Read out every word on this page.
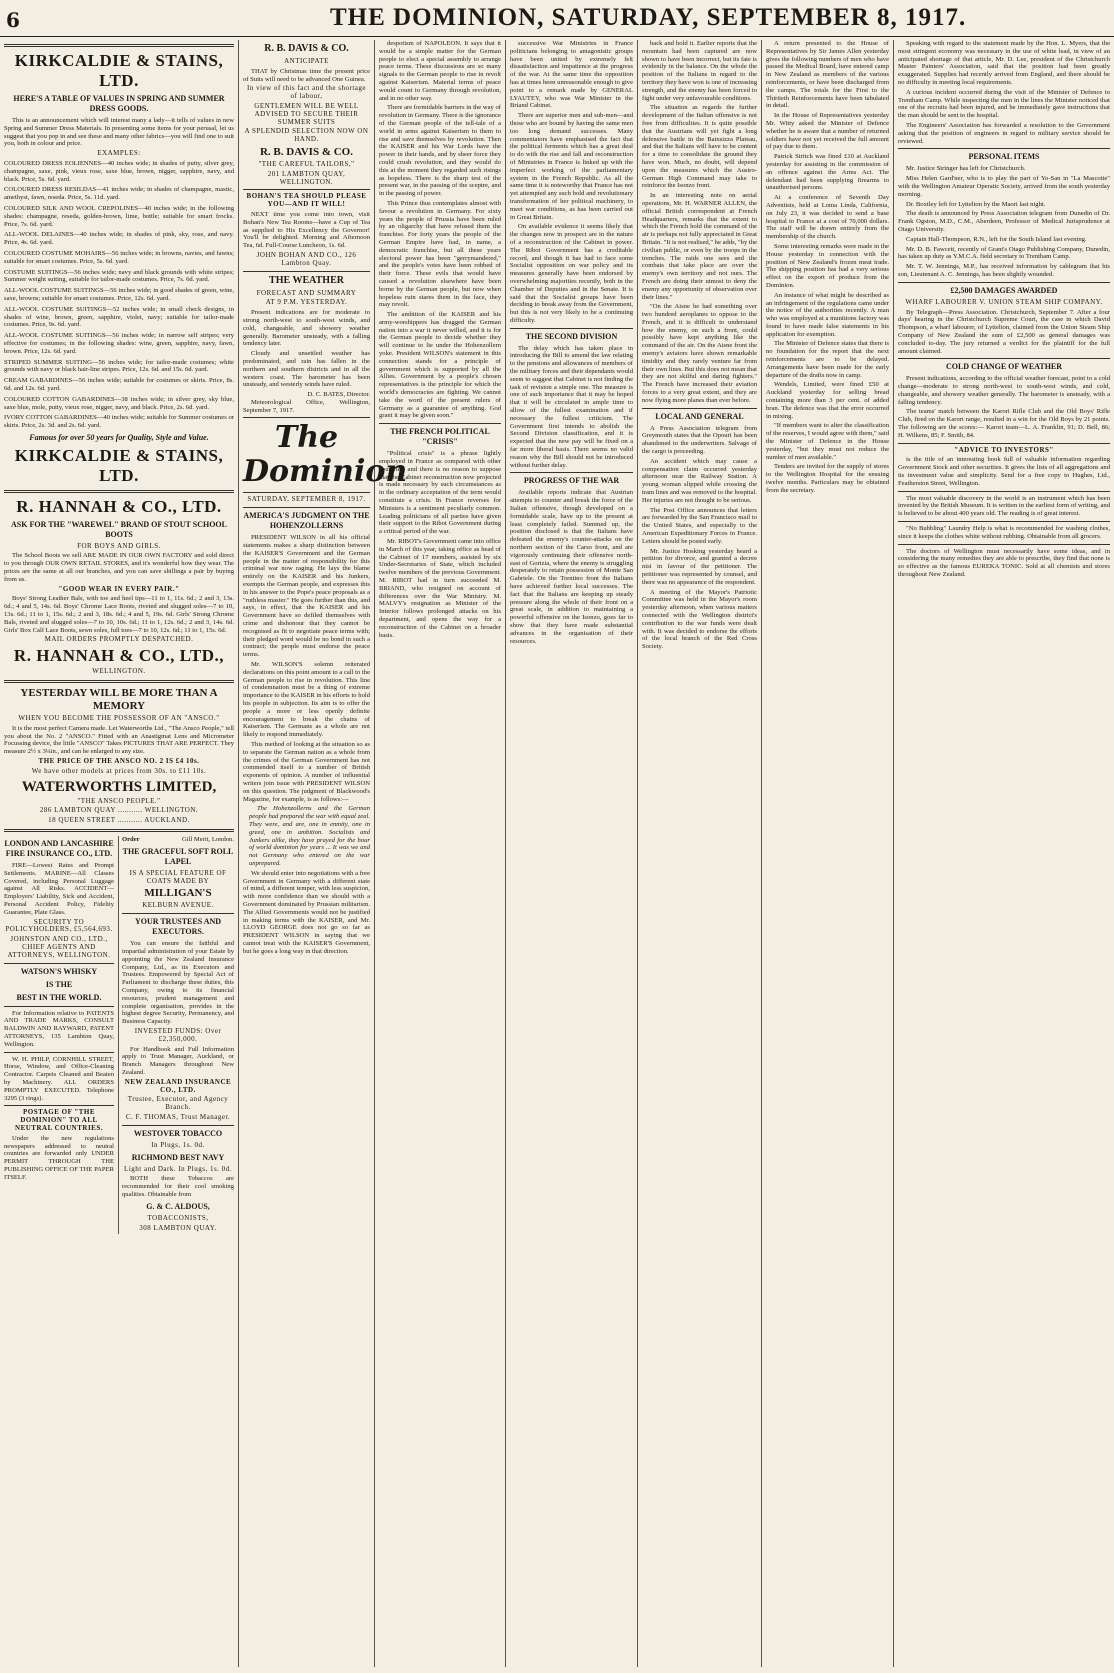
6	THE DOMINION, SATURDAY, SEPTEMBER 8, 1917.
KIRKCALDIE & STAINS, LTD.
HERE'S A TABLE OF VALUES IN SPRING AND SUMMER DRESS GOODS.
This is an announcement which will interest many a lady—it tells of values in new Spring and Summer Dress Materials. In presenting some items for your perusal, let us suggest that you pop in and see these and many other fabrics—you will find one to suit you, both in colour and price.
EXAMPLES:
COLOURED DRESS EOLIENNES—40 inches wide; in shades of putty, silver grey, champagne, saxe, pink, vieux rose, saxe blue, brown, nigger, sapphire, navy, and black. Price, 5s. 6d. yard.
COLOURED DRESS RESILDAS—41 inches wide; in shades of champagne, mastic, amethyst, fawn, reseda. Price, 5s. 11d. yard.
COLOURED SILK AND WOOL CREPOLINES—40 inches wide; in the following shades: champagne, reseda, golden-brown, lime, bottle; suitable for smart frocks. Price, 7s. 6d. yard.
ALL-WOOL DELAINES—40 inches wide; in shades of pink, sky, rose, and navy. Price, 4s. 6d. yard.
COLOURED COSTUME MOHAIRS—56 inches wide; in browns, navies, and fawns; suitable for smart costumes. Price, 5s. 6d. yard.
COSTUME SUITINGS—56 inches wide; navy and black grounds with white stripes; Summer weight suiting, suitable for tailor-made costumes. Price, 7s. 6d. yard.
ALL-WOOL COSTUME SUITINGS—56 inches wide; in good shades of green, wine, saxe, browns; suitable for smart costumes. Price, 12s. 6d. yard.
ALL-WOOL COSTUME SUITINGS—52 inches wide; in small check designs, in shades of wine, brown, green, sapphire, violet, navy; suitable for tailor-made costumes. Price, 9s. 6d. yard.
ALL-WOOL COSTUME SUITINGS—56 inches wide; in narrow self stripes; very effective for costumes; in the following shades: wine, green, sapphire, navy, fawn, brown. Price, 12s. 6d. yard.
STRIPED SUMMER SUITING—56 inches wide; for tailor-made costumes; white grounds with navy or black hair-line stripes. Price, 12s. 6d. and 15s. 6d. yard.
CREAM GABARDINES—56 inches wide; suitable for costumes or skirts. Price, 8s. 6d. and 12s. 6d. yard.
COLOURED COTTON GABARDINES—38 inches wide; in silver grey, sky blue, saxe blue, mole, putty, vieux rose, nigger, navy, and black. Price, 2s. 6d. yard.
IVORY COTTON GABARDINES—40 inches wide; suitable for Summer costumes or skirts. Price, 2s. 3d. and 2s. 6d. yard.
Famous for over 50 years for Quality, Style and Value.
KIRKCALDIE & STAINS, LTD.
R. HANNAH & CO., LTD.
ASK FOR THE "WAREWEL" BRAND OF STOUT SCHOOL BOOTS
FOR BOYS AND GIRLS.
The School Boots we sell ARE MADE IN OUR OWN FACTORY and sold direct to you through OUR OWN RETAIL STORES, and it's wonderful how they wear. The prices are the same at all our branches, and you can save shillings a pair by buying from us.
"GOOD WEAR IN EVERY PAIR."
Boys' Strong Leather Bals, with toe and heel tips—11 to 1, 11s. 6d.; 2 and 3, 13s. 6d.; 4 and 5, 14s. 6d. Boys' Chrome Lace Boots, riveted and slugged soles—7 to 10, 13s. 6d.; 11 to 1, 15s. 6d.; 2 and 3, 18s. 6d.; 4 and 5, 19s. 6d. Girls' Strong Chrome Bals, riveted and slugged soles—7 to 10, 10s. 6d.; 11 to 1, 12s. 6d.; 2 and 3, 14s. 6d. Girls' Box Calf Lace Boots, sewn soles, full toes—7 to 10, 12s. 6d.; 11 to 1, 15s. 6d.
MAIL ORDERS PROMPTLY DESPATCHED.
R. HANNAH & CO., LTD.,
WELLINGTON.
YESTERDAY WILL BE MORE THAN A MEMORY
WHEN YOU BECOME THE POSSESSOR OF AN "ANSCO."
It is the most perfect Camera made. Let Waterworths Ltd., "The Ansco People," tell you about the No. 2 "ANSCO." Fitted with an Anastigmat Lens and Micrometer Focussing device, the little "ANSCO" Takes PICTURES THAT ARE PERFECT. They measure 2½ x 3¼in., and can be enlarged to any size.
THE PRICE OF THE ANSCO NO. 2 IS £4 10s.
We have other models at prices from 30s. to £11 10s.
WATERWORTHS LIMITED,
"THE ANSCO PEOPLE."
286 LAMBTON QUAY ........... WELLINGTON.
18 QUEEN STREET ........... AUCKLAND.
LONDON AND LANCASHIRE FIRE INSURANCE CO., LTD.
FIRE—Lowest Rates and Prompt Settlements. MARINE—All Classes Covered, including Personal Luggage against All Risks. ACCIDENT—Employers' Liability, Sick and Accident, Personal Accident Policy, Fidelity Guarantee, Plate Glass.
SECURITY TO POLICYHOLDERS, £5,564,693.
JOHNSTON AND CO., LTD., CHIEF AGENTS AND ATTORNEYS, WELLINGTON.
WATSON'S WHISKY
IS THE
BEST IN THE WORLD.
For Information relative to PATENTS AND TRADE MARKS, CONSULT BALDWIN AND RAYWARD, PATENT ATTORNEYS, 135 Lambton Quay, Wellington.
W. H. PHILP, CORNHILL STREET, Horse, Window, and Office-Cleaning Contractor. Carpets Cleaned and Beaten by Machinery. ALL ORDERS PROMPTLY EXECUTED. Telephone 3295 (3 rings).
POSTAGE OF "THE DOMINION" TO ALL NEUTRAL COUNTRIES.
Under the new regulations newspapers addressed to neutral countries are forwarded only UNDER PERMIT THROUGH THE PUBLISHING OFFICE OF THE PAPER ITSELF.
Order	Gill Merit, London.
THE GRACEFUL SOFT ROLL LAPEL
IS A SPECIAL FEATURE OF COATS MADE BY
MILLIGAN'S
KELBURN AVENUE.
YOUR TRUSTEES AND EXECUTORS.
You can ensure the faithful and impartial administration of your Estate by appointing the New Zealand Insurance Company, Ltd., as its Executors and Trustees. Empowered by Special Act of Parliament to discharge these duties, this Company, owing to its financial resources, prudent management and complete organisation, provides in the highest degree Security, Permanency, and Business Capacity.
INVESTED FUNDS: Over £2,350,000.
For Handbook and Full Information apply to Trust Manager, Auckland, or Branch Managers throughout New Zealand.
NEW ZEALAND INSURANCE CO., LTD.
Trustee, Executor, and Agency Branch.
C. F. THOMAS, Trust Manager.
WESTOVER TOBACCO
In Plugs, 1s. 0d.
RICHMOND BEST NAVY
Light and Dark. In Plugs, 1s. 0d.
BOTH these Tobaccos are recommended for their cool smoking qualities. Obtainable from
G. & C. ALDOUS,
TOBACCONISTS,
308 LAMBTON QUAY.
R. B. DAVIS & CO.
ANTICIPATE
THAT by Christmas time the present price of Suits will need to be advanced One Guinea.
In view of this fact and the shortage of labour,
GENTLEMEN WILL BE WELL ADVISED TO SECURE THEIR SUMMER SUITS
A SPLENDID SELECTION NOW ON HAND.
R. B. DAVIS & CO.
"THE CAREFUL TAILORS,"
201 LAMBTON QUAY, WELLINGTON.
BOHAN'S TEA SHOULD PLEASE YOU—AND IT WILL!
NEXT time you come into town, visit Bohan's New Tea Rooms—have a Cup of Tea as supplied to His Excellency the Governor! You'll be delighted. Morning and Afternoon Tea, 6d. Full-Course Luncheon, 1s. 6d.
JOHN BOHAN AND CO., 126 Lambton Quay.
THE WEATHER
FORECAST AND SUMMARY
AT 9 P.M. YESTERDAY.
Present indications are for moderate to strong north-west to south-west winds, and cold, changeable, and showery weather generally. Barometer unsteady, with a falling tendency later.
Cloudy and unsettled weather has predominated, and rain has fallen in the northern and southern districts and in all the western coast. The barometer has been unsteady, and westerly winds have ruled.
D. C. BATES, Director.
Meteorological Office, Wellington, September 7, 1917.
The Dominion
SATURDAY, SEPTEMBER 8, 1917.
AMERICA'S JUDGMENT ON THE HOHENZOLLERNS
PRESIDENT WILSON in all his official statements makes a sharp distinction between the KAISER'S Government and the German people in the matter of responsibility for this criminal war now raging. He lays the blame entirely on the KAISER and his Junkers, exempts the German people, and expresses this in his answer to the Pope's peace proposals as a "ruthless master." He goes further than this, and says, in effect, that the KAISER and his Government have so defiled themselves with crime and dishonour that they cannot be recognised as fit to negotiate peace terms with; their pledged word would be no bond in such a contract; the people must endorse the peace terms.
Mr. WILSON'S solemn reiterated declarations on this point amount to a call to the German people to rise in revolution. This line of condemnation must be a thing of extreme importance to the KAISER in his efforts to hold his people in subjection. Its aim is to offer the people a more or less openly definite encouragement to break the chains of Kaiserism. The Germans as a whole are not likely to respond immediately.
This method of looking at the situation so as to separate the German nation as a whole from the crimes of the German Government has not commended itself to a number of British exponents of opinion. A number of influential writers join issue with PRESIDENT WILSON on this question. The judgment of Blackwood's Magazine, for example, is as follows:—
The Hohenzollerns and the German people had prepared the war with equal zeal. They were, and are, one in enmity, one in greed, one in ambition. Socialists and Junkers alike, they have prayed for the hour of world dominion for years ... It was we and not Germany who entered on the war unprepared.
We should enter into negotiations with a free Government in Germany with a different state of mind, a different temper, with less suspicion, with more confidence than we should with a Government dominated by Prussian militarism. The Allied Governments would not be justified in making terms with the KAISER, and Mr. LLOYD GEORGE does not go so far as PRESIDENT WILSON in saying that we cannot treat with the KAISER'S Government, but he goes a long way in that direction.
despotism of NAPOLEON. It says that it would be a simple matter for the German people to elect a special assembly to arrange peace terms. These discussions are so many signals to the German people to rise in revolt against Kaiserism. Material terms of peace would count to Germany through revolution, and in no other way.
There are formidable barriers in the way of revolution in Germany. There is the ignorance of the German people of the tell-tale of a world in arms against Kaiserism to them to rise and save themselves by revolution. Then the KAISER and his War Lords have the power in their hands, and by sheer force they could crush revolution, and they would do this at the moment they regarded such risings as hopeless. There is the sharp test of the present war, in the passing of the sceptre, and in the passing of power.
This Prince thus contemplates almost with favour a revolution in Germany. For sixty years the people of Prussia have been ruled by an oligarchy that have refused them the franchise. For forty years the people of the German Empire have had, in name, a democratic franchise, but all these years electoral power has been "gerrymandered," and the people's votes have been robbed of their force. These evils that would have caused a revolution elsewhere have been borne by the German people, but now when hopeless ruin stares them in the face, they may revolt.
The ambition of the KAISER and his army-worshippers has dragged the German nation into a war it never willed, and it is for the German people to decide whether they will continue to lie under the Hohenzollern yoke. President WILSON's statement in this connection stands for a principle of government which is supported by all the Allies. Government by a people's chosen representatives is the principle for which the world's democracies are fighting. We cannot take the word of the present rulers of Germany as a guarantee of anything. God grant it may be given soon."
THE FRENCH POLITICAL "CRISIS"
"Political crisis" is a phrase lightly employed in France as compared with other countries, and there is no reason to suppose that the Cabinet reconstruction now projected is made necessary by such circumstances as in the ordinary acceptation of the term would constitute a crisis. In France reverses for Ministers is a sentiment peculiarly common. Leading politicians of all parties have given their support to the Ribot Government during a critical period of the war.
Mr. RIBOT's Government came into office in March of this year, taking office as head of the Cabinet of 17 members, assisted by six Under-Secretaries of State, which included twelve members of the previous Government. M. RIBOT had in turn succeeded M. BRIAND, who resigned on account of differences over the War Ministry. M. MALVY's resignation as Minister of the Interior follows prolonged attacks on his department, and opens the way for a reconstruction of the Cabinet on a broader basis.
successive War Ministries in France politicians belonging to antagonistic groups have been united by extremely felt dissatisfaction and impatience at the progress of the war. At the same time the opposition has at times been unreasonable enough to give point to a remark made by GENERAL LYAUTEY, who was War Minister in the Briand Cabinet.
There are superior men and sub-men—and those who are bound by having the same men too long demand successes. Many commentators have emphasised the fact that the political ferments which has a great deal to do with the rise and fall and reconstruction of Ministries in France is linked up with the imperfect working of the parliamentary system in the French Republic. As all the same time it is noteworthy that France has not yet attempted any such bold and revolutionary transformation of her political machinery, to meet war conditions, as has been carried out in Great Britain.
On available evidence it seems likely that the changes now in prospect are in the nature of a reconstruction of the Cabinet in power. The Ribot Government has a creditable record, and though it has had to face some Socialist opposition on war policy and its measures generally have been endorsed by overwhelming majorities recently, both in the Chamber of Deputies and in the Senate. It is said that the Socialist groups have been deciding to break away from the Government, but this is not very likely to be a continuing difficulty.
THE SECOND DIVISION
The delay which has taken place in introducing the Bill to amend the law relating to the pensions and allowances of members of the military forces and their dependants would seem to suggest that Cabinet is not finding the task of revision a simple one. The measure is one of such importance that it may be hoped that it will be circulated in ample time to allow of the fullest examination and if necessary the fullest criticism. The Government first intends to abolish the Second Division classification, and it is expected that the new pay will be fixed on a far more liberal basis. There seems no valid reason why the Bill should not be introduced without further delay.
PROGRESS OF THE WAR
Available reports indicate that Austrian attempts to counter and break the force of the Italian offensive, though developed on a formidable scale, have up to the present at least completely failed. Summed up, the position disclosed is that the Italians have defeated the enemy's counter-attacks on the northern section of the Carso front, and are vigorously continuing their offensive north-east of Gorizia, where the enemy is struggling desperately to retain possession of Monte San Gabriele. On the Trentino front the Italians have achieved further local successes. The fact that the Italians are keeping up steady pressure along the whole of their front on a great scale, in addition to maintaining a powerful offensive on the Isonzo, goes far to show that they have made substantial advances in the organisation of their resources.
back and hold it. Earlier reports that the mountain had been captured are now shown to have been incorrect, but its fate is evidently in the balance. On the whole the position of the Italians in regard to the territory they have won is one of increasing strength, and the enemy has been forced to fight under very unfavourable conditions.
The situation as regards the further development of the Italian offensive is not free from difficulties. It is quite possible that the Austrians will yet fight a long defensive battle in the Bainsizza Plateau, and that the Italians will have to be content for a time to consolidate the ground they have won. Much, no doubt, will depend upon the measures which the Austro-German High Command may take to reinforce the Isonzo front.
In an interesting note on aerial operations, Mr. H. WARNER ALLEN, the official British correspondent at French Headquarters, remarks that the extent to which the French hold the command of the air is perhaps not fully appreciated in Great Britain. "It is not realised," he adds, "by the civilian public, or even by the troops in the trenches. The raids one sees and the combats that take place are over the enemy's own territory and not ours. The French are doing their utmost to deny the enemy any opportunity of observation over their lines."
"On the Aisne he had something over two hundred aeroplanes to oppose to the French, and it is difficult to understand how the enemy, on such a front, could possibly have kept anything like the command of the air. On the Aisne front the enemy's aviators have shown remarkable timidity and they rarely venture far from their own lines. But this does not mean that they are not skilful and daring fighters." The French have increased their aviation forces to a very great extent, and they are now flying more planes than ever before.
LOCAL AND GENERAL
A Press Association telegram from Greymouth states that the Opouri has been abandoned to the underwriters. Salvage of the cargo is proceeding.
An accident which may cause a compensation claim occurred yesterday afternoon near the Railway Station. A young woman slipped while crossing the tram lines and was removed to the hospital. Her injuries are not thought to be serious.
The Post Office announces that letters are forwarded by the San Francisco mail to the United States, and especially to the American Expeditionary Forces in France. Letters should be posted early.
Mr. Justice Hosking yesterday heard a petition for divorce, and granted a decree nisi in favour of the petitioner. The petitioner was represented by counsel, and there was no appearance of the respondent.
A meeting of the Mayor's Patriotic Committee was held in the Mayor's room yesterday afternoon, when various matters connected with the Wellington district's contribution to the war funds were dealt with. It was decided to endorse the efforts of the local branch of the Red Cross Society.
A return presented to the House of Representatives by Sir James Allen yesterday gives the following numbers of men who have passed the Medical Board, have entered camp in New Zealand as members of the various reinforcements, or have been discharged from the camps. The totals for the First to the Thirtieth Reinforcements have been tabulated in detail.
In the House of Representatives yesterday Mr. Witty asked the Minister of Defence whether he is aware that a number of returned soldiers have not yet received the full amount of pay due to them.
Patrick Stritch was fined £10 at Auckland yesterday for assisting in the commission of an offence against the Arms Act. The defendant had been supplying firearms to unauthorised persons.
At a conference of Seventh Day Adventists, held at Loma Linda, California, on July 23, it was decided to send a base hospital to France at a cost of 70,000 dollars. The staff will be drawn entirely from the membership of the church.
Some interesting remarks were made in the House yesterday in connection with the position of New Zealand's frozen meat trade. The shipping position has had a very serious effect on the export of produce from the Dominion.
An instance of what might be described as an infringement of the regulations came under the notice of the authorities recently. A man who was employed at a munitions factory was found to have made false statements in his application for exemption.
The Minister of Defence states that there is no foundation for the report that the next reinforcements are to be delayed. Arrangements have been made for the early departure of the drafts now in camp.
Wendels, Limited, were fined £50 at Auckland yesterday for selling bread containing more than 3 per cent. of added bran. The defence was that the error occurred in mixing.
"If members want to alter the classification of the reserves, I would agree with them," said the Minister of Defence in the House yesterday, "but they must not reduce the number of men available."
Tenders are invited for the supply of stores to the Wellington Hospital for the ensuing twelve months. Particulars may be obtained from the secretary.
Speaking with regard to the statement made by the Hon. L. Myers, that the most stringent economy was necessary in the use of white lead, in view of an anticipated shortage of that article, Mr. D. Lee, president of the Christchurch Master Painters' Association, said that the position had been greatly exaggerated. Supplies had recently arrived from England, and there should be no difficulty in meeting local requirements.
A curious incident occurred during the visit of the Minister of Defence to Trentham Camp. While inspecting the men in the lines the Minister noticed that one of the recruits had been injured, and he immediately gave instructions that the man should be sent to the hospital.
The Engineers' Association has forwarded a resolution to the Government asking that the position of engineers in regard to military service should be reviewed.
PERSONAL ITEMS
Mr. Justice Stringer has left for Christchurch.
Miss Helen Gard'ner, who is to play the part of Yo-San in "La Mascotte" with the Wellington Amateur Operatic Society, arrived from the south yesterday morning.
Dr. Boxtley left for Lyttelton by the Maori last night.
The death is announced by Press Association telegram from Dunedin of Dr. Frank Ogston, M.D., C.M., Aberdeen, Professor of Medical Jurisprudence at Otago University.
Captain Hall-Thompson, R.N., left for the South Island last evening.
Mr. D. B. Fawcett, recently of Grant's Otago Publishing Company, Dunedin, has taken up duty as Y.M.C.A. field secretary to Trentham Camp.
Mr. T. W. Jennings, M.P., has received information by cablegram that his son, Lieutenant A. C. Jennings, has been slightly wounded.
£2,500 DAMAGES AWARDED
WHARF LABOURER V. UNION STEAM SHIP COMPANY.
By Telegraph—Press Association. Christchurch, September 7. After a four days' hearing in the Christchurch Supreme Court, the case in which David Thompson, a wharf labourer, of Lyttelton, claimed from the Union Steam Ship Company of New Zealand the sum of £2,500 as general damages was concluded to-day. The jury returned a verdict for the plaintiff for the full amount claimed.
COLD CHANGE OF WEATHER
Present indications, according to the official weather forecast, point to a cold change—moderate to strong north-west to south-west winds, and cold, changeable, and showery weather generally. The barometer is unsteady, with a falling tendency.
The teams' match between the Karori Rifle Club and the Old Boys' Rifle Club, fired on the Karori range, resulted in a win for the Old Boys by 21 points. The following are the scores:— Karori team—L. A. Franklin, 91; D. Bell, 86; H. Wilkens, 85; F. Smith, 84.
"ADVICE TO INVESTORS"
is the title of an interesting book full of valuable information regarding Government Stock and other securities. It gives the lists of all aggregations and its investment value and simplicity. Send for a free copy to Hughes, Ltd., Featherston Street, Wellington.
The most valuable discovery in the world is an instrument which has been invented by the British Museum. It is written in the earliest form of writing, and is believed to be about 400 years old. The reading is of great interest.
"No Bubbling" Laundry Help is what is recommended for washing clothes, since it keeps the clothes white without rubbing. Obtainable from all grocers.
The doctors of Wellington must necessarily have some ideas, and in considering the many remedies they are able to prescribe, they find that none is so effective as the famous EUREKA TONIC. Sold at all chemists and stores throughout New Zealand.
